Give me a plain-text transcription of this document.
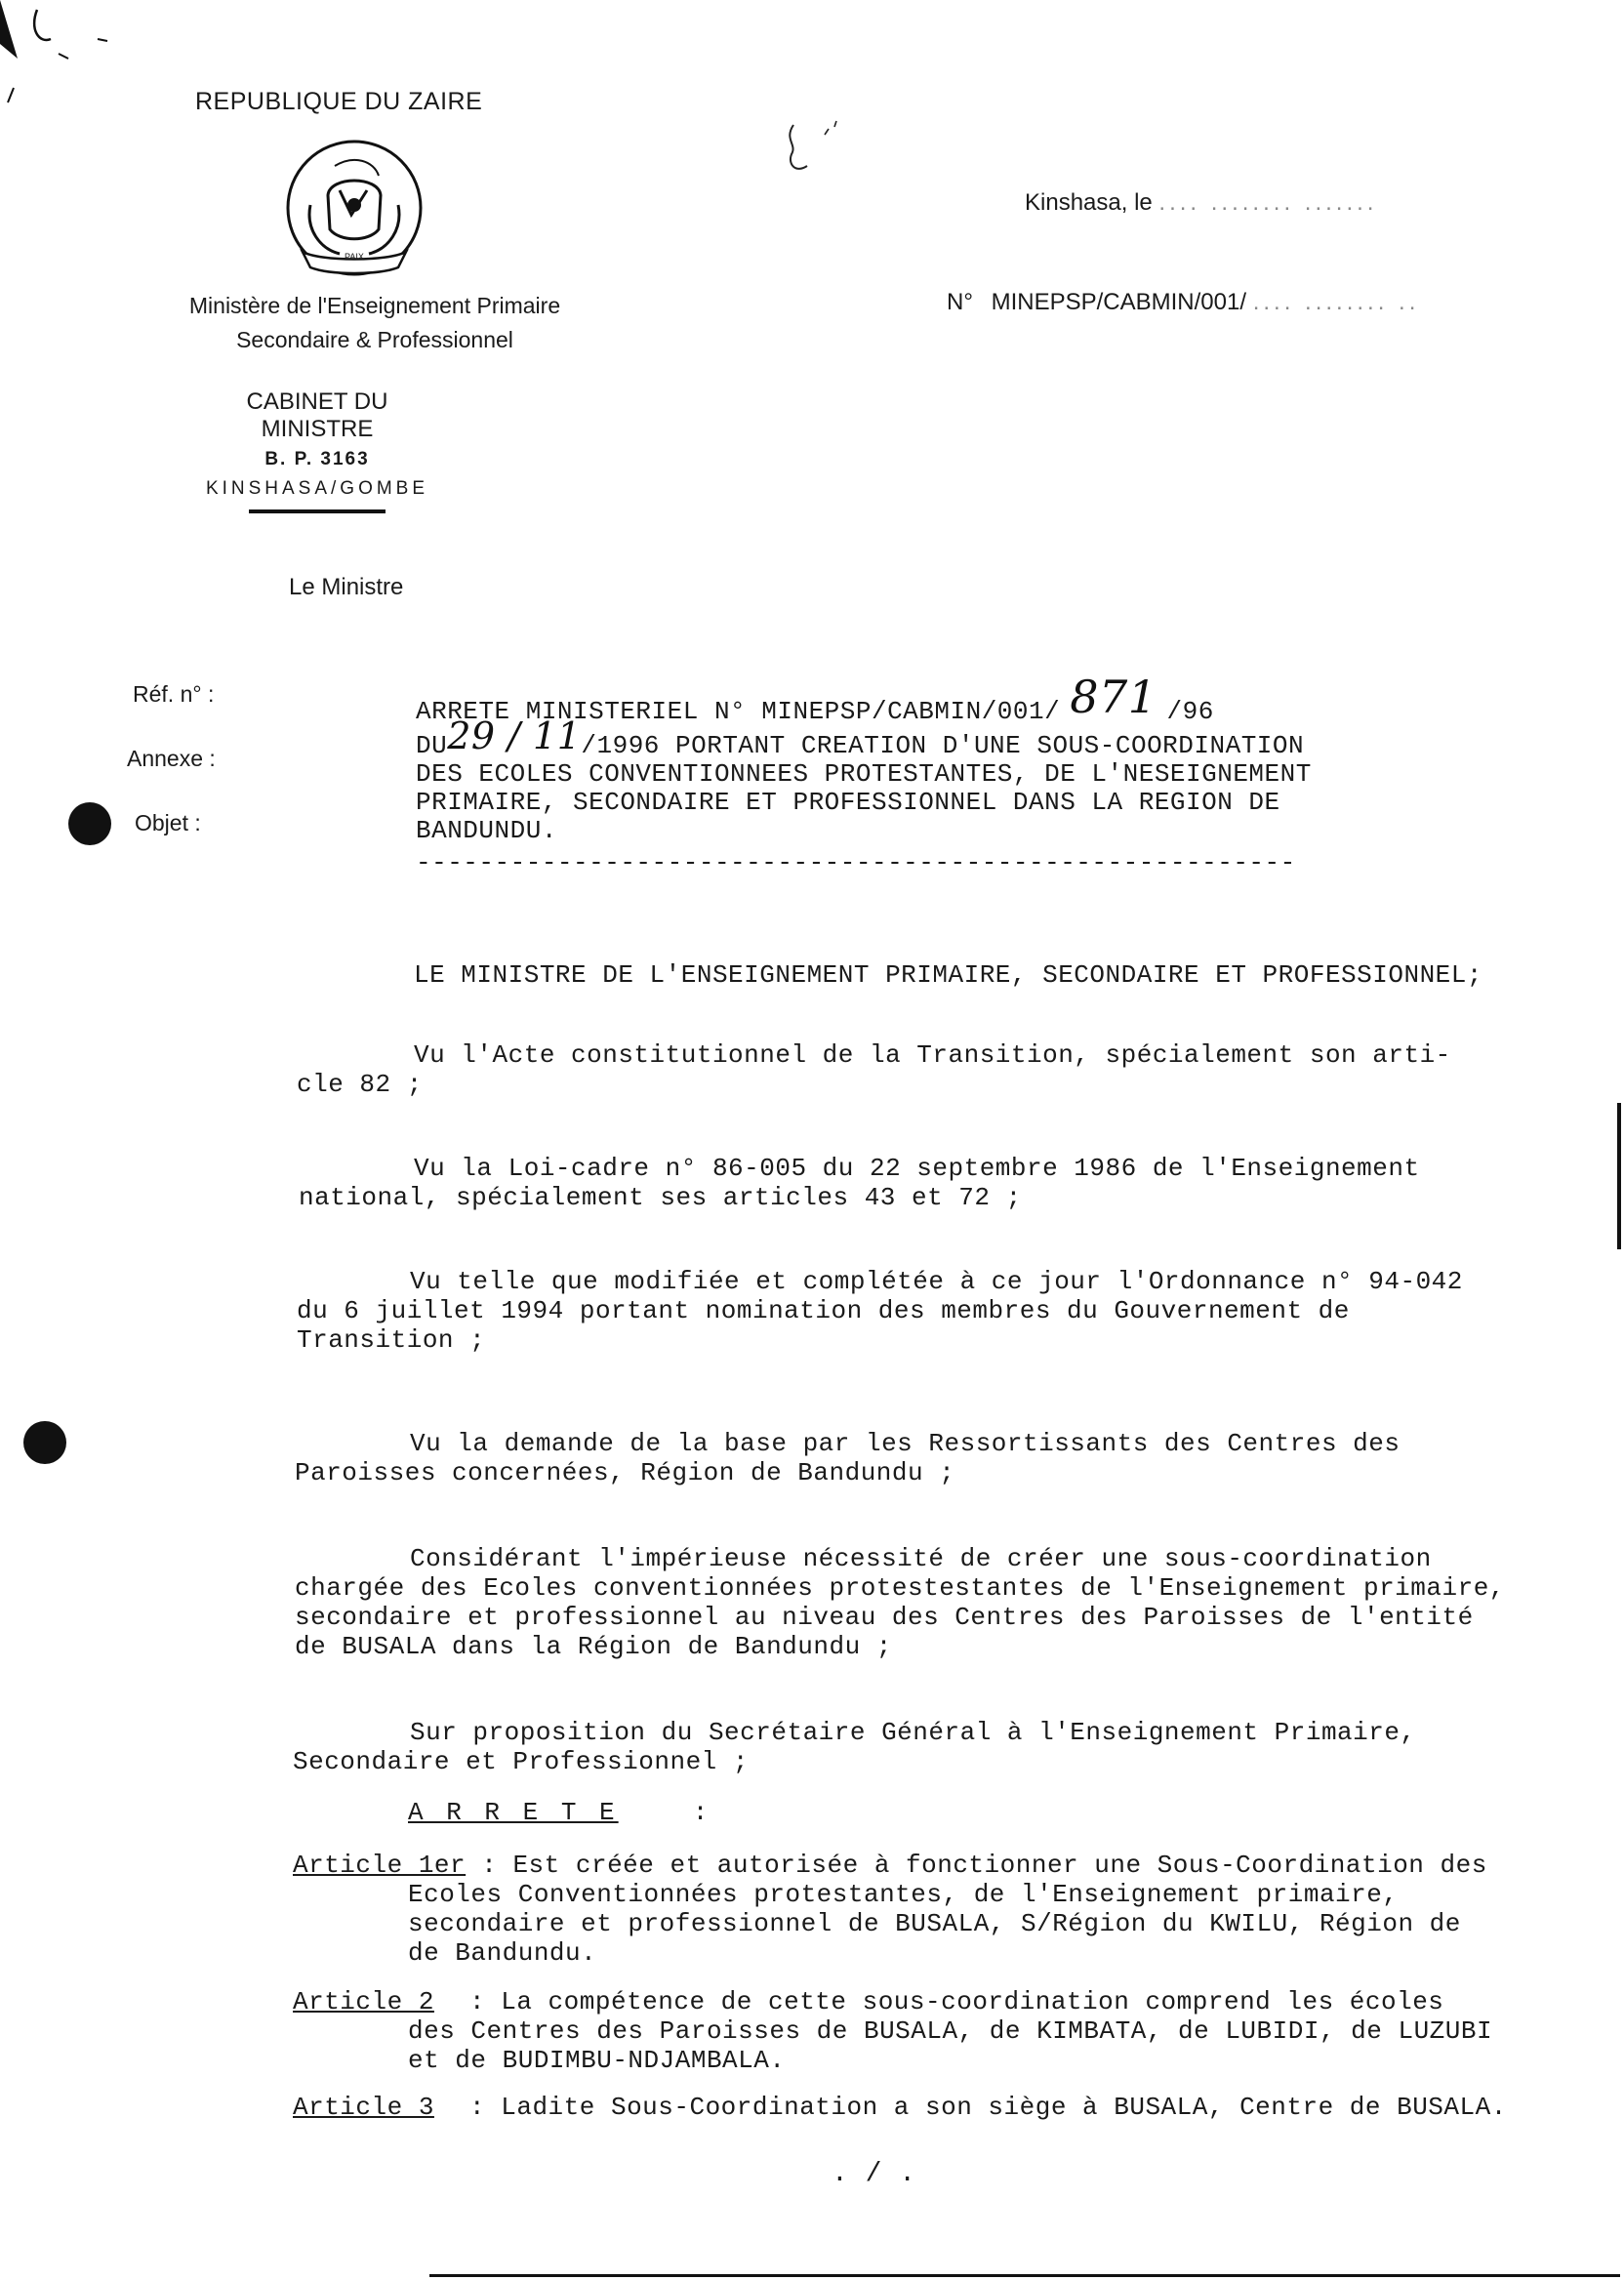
REPUBLIQUE DU ZAIRE
PAIX
Ministère de l'Enseignement Primaire
Secondaire & Professionnel
CABINET DU MINISTRE
B. P. 3163
KINSHASA/GOMBE
Le Ministre
Kinshasa, le .... ........ .......
N° MINEPSP/CABMIN/001/ .... ........ ..
Réf. n° :
Annexe :
Objet :
ARRETE MINISTERIEL N° MINEPSP/CABMIN/001/ 871 /96
DU29 / 11/1996 PORTANT CREATION D'UNE SOUS-COORDINATION
DES ECOLES CONVENTIONNEES PROTESTANTES, DE L'NESEIGNEMENT
PRIMAIRE, SECONDAIRE ET PROFESSIONNEL DANS LA REGION DE
BANDUNDU.
--------------------------------------------------------
LE MINISTRE DE L'ENSEIGNEMENT PRIMAIRE, SECONDAIRE ET PROFESSIONNEL;
Vu l'Acte constitutionnel de la Transition, spécialement son arti-
cle 82 ;
Vu la Loi-cadre n° 86-005 du 22 septembre 1986 de l'Enseignement
national, spécialement ses articles 43 et 72 ;
Vu telle que modifiée et complétée à ce jour l'Ordonnance n° 94-042
du 6 juillet 1994 portant nomination des membres du Gouvernement de
Transition ;
Vu la demande de la base par les Ressortissants des Centres des
Paroisses concernées, Région de Bandundu ;
Considérant l'impérieuse nécessité de créer une sous-coordination
chargée des Ecoles conventionnées protestestantes de l'Enseignement primaire,
secondaire et professionnel au niveau des Centres des Paroisses de l'entité
de BUSALA dans la Région de Bandundu ;
Sur proposition du Secrétaire Général à l'Enseignement Primaire,
Secondaire et Professionnel ;
A R R E T E	:
Article 1er : Est créée et autorisée à fonctionner une Sous-Coordination des
Ecoles Conventionnées protestantes, de l'Enseignement primaire,
secondaire et professionnel de BUSALA, S/Région du KWILU, Région de
de Bandundu.
Article 2 : La compétence de cette sous-coordination comprend les écoles
des Centres des Paroisses de BUSALA, de KIMBATA, de LUBIDI, de LUZUBI
et de BUDIMBU-NDJAMBALA.
Article 3 : Ladite Sous-Coordination a son siège à BUSALA, Centre de BUSALA.
. / .
